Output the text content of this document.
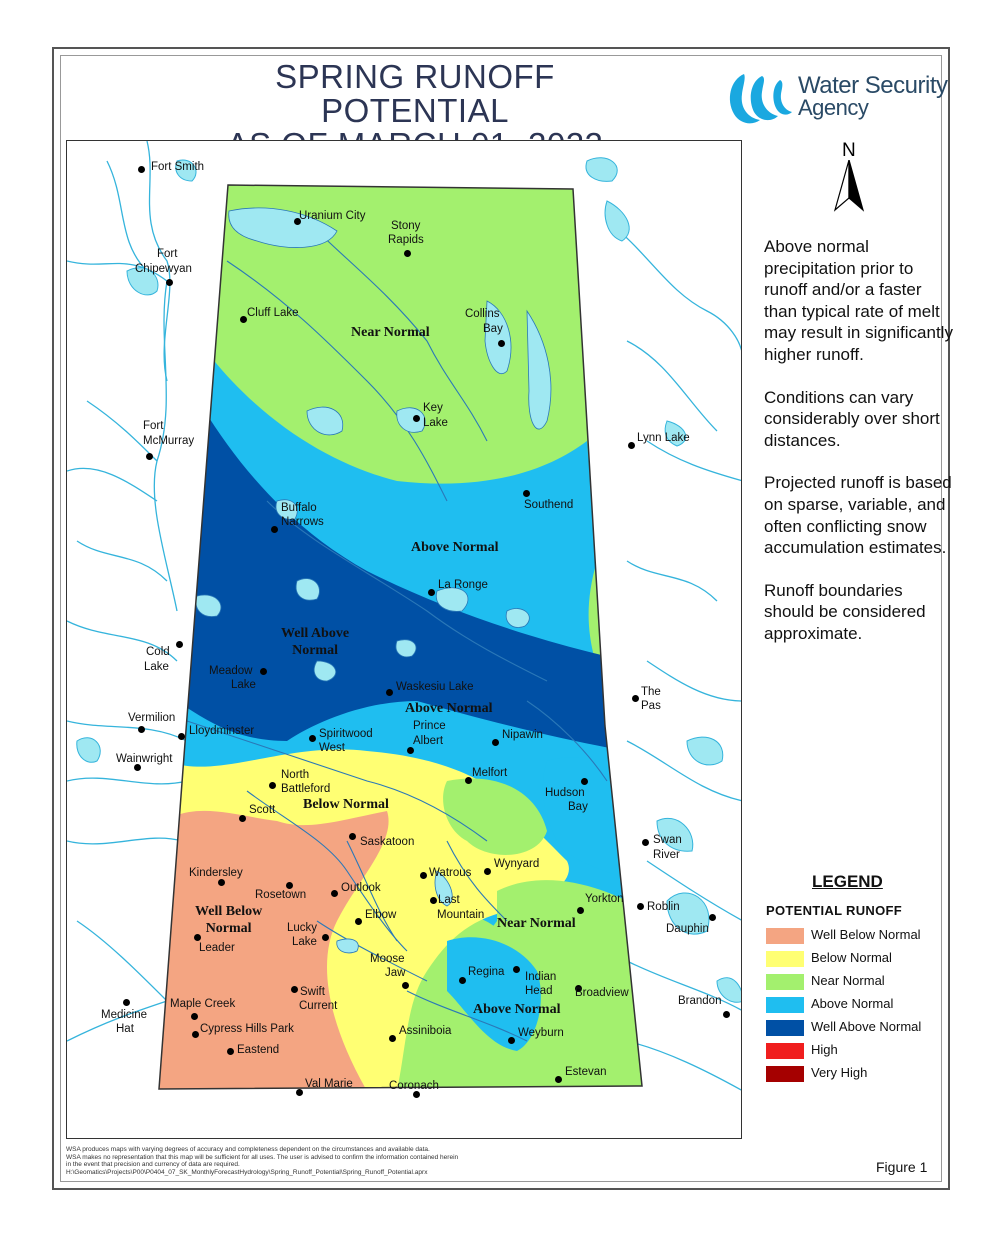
SPRING RUNOFF POTENTIAL
Water Security
Agency
Near Normal
Above Normal
Well Above
Normal
Above Normal
Below Normal
Well Below
Normal	Near Normal
Above Normal
Fort Smith
Uranium City
Stony
Rapids
Fort
Chipewyan
Cluff Lake	Collins
Bay
Key
Lake
Fort
McMurray	Lynn Lake
Southend
Buffalo
Narrows
La Ronge
Cold
Lake	Meadow
Lake	Waskesiu Lake	The
Pas
Vermilion
Lloydminster	Spiritwood
West
Prince
Albert	Nipawin
Wainwright
North
Battleford
Melfort
Hudson
Bay
Scott
Saskatoon	Swan
River
Wynyard
Kindersley	Watrous
Outlook
Rosetown	Last
Mountain
Yorkton
Roblin
Dauphin
Elbow
Lucky
Lake
Leader
Moose
Jaw	Regina Indian
Head Broadview
Swift
Current
Maple Creek	Brandon
Medicine
Hat	Cypress Hills Park	Assiniboia	Weyburn
Eastend
Estevan
Val Marie	Coronach
N

Above normal precipitation prior to runoff and/or a faster than typical rate of melt may result in significantly higher runoff.

Conditions can vary considerably over short distances.

Projected runoff is based on sparse, variable, and often conflicting snow accumulation estimates.

Runoff boundaries should be considered approximate.

LEGEND
POTENTIAL RUNOFF
Well Below Normal
Below Normal
Near Normal
Above Normal
Well Above Normal
High
Very High
WSA produces maps with varying degrees of accuracy and completeness dependent on the circumstances and available data.
WSA makes no representation that this map will be sufficient for all uses. The user is advised to confirm the information contained herein
in the event that precision and currency of data are required.
H:\Geomatics\Projects\P00\P0404_07_SK_MonthlyForecastHydrology\Spring_Runoff_Potential\Spring_Runoff_Potential.aprx	Figure 1
